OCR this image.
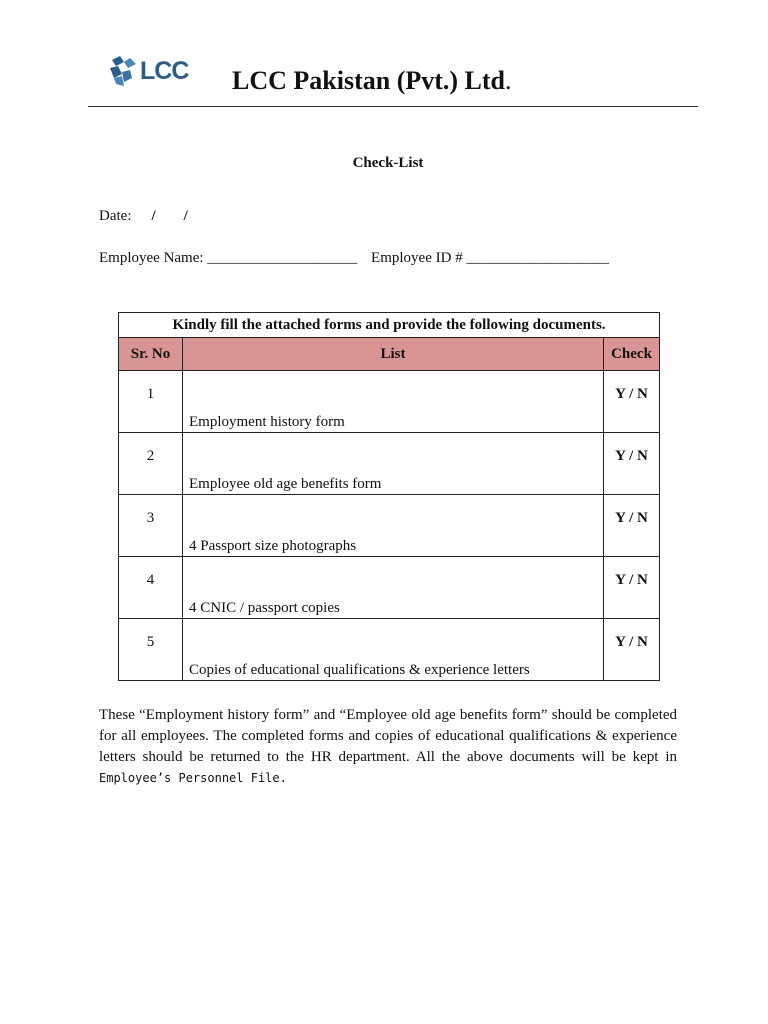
LCC LCC Pakistan (Pvt.) Ltd.
Check-List
Date: / /
Employee Name: ____________________ Employee ID # ___________________
Kindly fill the attached forms and provide the following documents.		
Sr. No	List	Check
1	Employment history form	Y / N
2	Employee old age benefits form	Y / N
3	4 Passport size photographs	Y / N
4	4 CNIC / passport copies	Y / N
5	Copies of educational qualifications & experience letters	Y / N

These “Employment history form” and “Employee old age benefits form” should be completed for all employees. The completed forms and copies of educational qualifications & experience letters should be returned to the HR department. All the above documents will be kept in Employee’s Personnel File.
